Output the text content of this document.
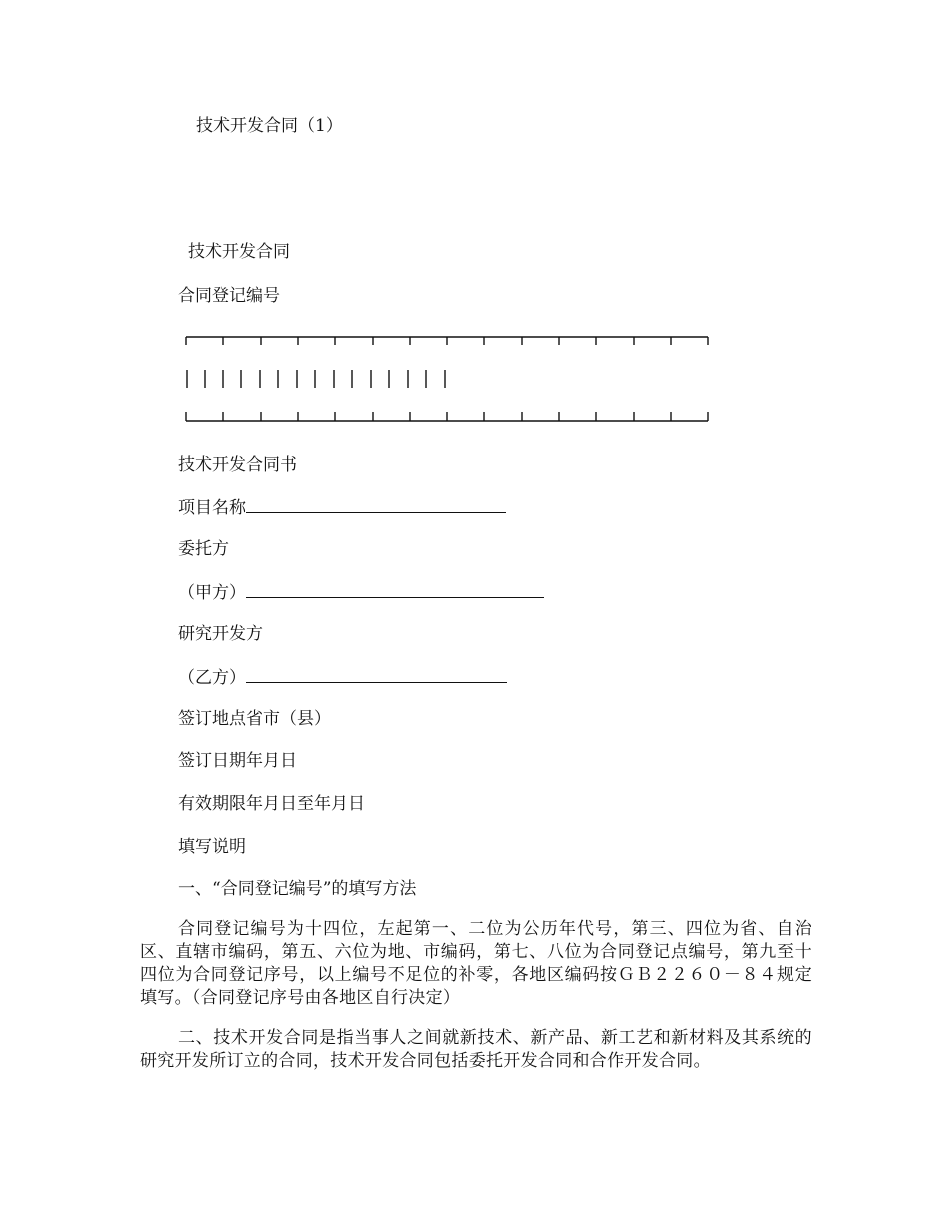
技术开发合同（1）
技术开发合同
合同登记编号
技术开发合同书
项目名称
委托方
（甲方）
研究开发方
（乙方）
签订地点省市（县）
签订日期年月日
有效期限年月日至年月日
填写说明
一、“合同登记编号”的填写方法
合同登记编号为十四位，左起第一、二位为公历年代号，第三、四位为省、自治区、直辖市编码，第五、六位为地、市编码，第七、八位为合同登记点编号，第九至十四位为合同登记序号，以上编号不足位的补零，各地区编码按ＧＢ２２６０－８４规定填写。（合同登记序号由各地区自行决定）
二、技术开发合同是指当事人之间就新技术、新产品、新工艺和新材料及其系统的研究开发所订立的合同，技术开发合同包括委托开发合同和合作开发合同。
